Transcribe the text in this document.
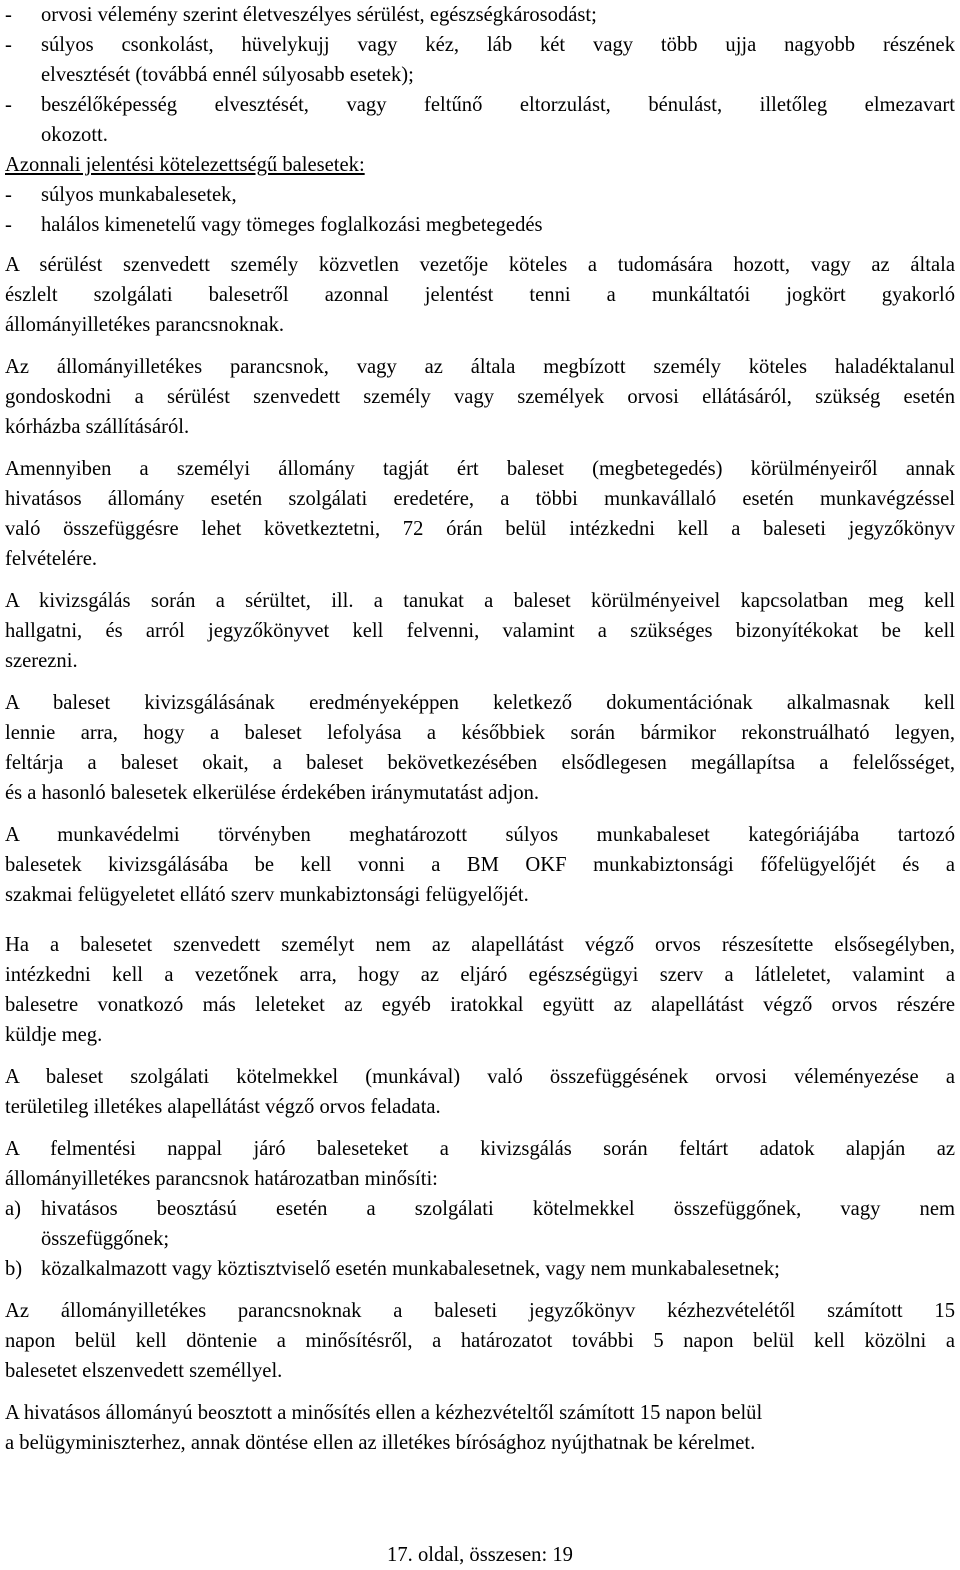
-	orvosi vélemény szerint életveszélyes sérülést, egészségkárosodást;
-	súlyos csonkolást, hüvelykujj vagy kéz, láb két vagy több ujja nagyobb részének
elvesztését (továbbá ennél súlyosabb esetek);
-	beszélőképesség elvesztését, vagy feltűnő eltorzulást, bénulást, illetőleg elmezavart
okozott.
Azonnali jelentési kötelezettségű balesetek:
-	súlyos munkabalesetek,
-	halálos kimenetelű vagy tömeges foglalkozási megbetegedés
A sérülést szenvedett személy közvetlen vezetője köteles a tudomására hozott, vagy az általa
észlelt szolgálati balesetről azonnal jelentést tenni a munkáltatói jogkört gyakorló
állományilletékes parancsnoknak.
Az állományilletékes parancsnok, vagy az általa megbízott személy köteles haladéktalanul
gondoskodni a sérülést szenvedett személy vagy személyek orvosi ellátásáról, szükség esetén
kórházba szállításáról.
Amennyiben a személyi állomány tagját ért baleset (megbetegedés) körülményeiről annak
hivatásos állomány esetén szolgálati eredetére, a többi munkavállaló esetén munkavégzéssel
való összefüggésre lehet következtetni, 72 órán belül intézkedni kell a baleseti jegyzőkönyv
felvételére.
A kivizsgálás során a sérültet, ill. a tanukat a baleset körülményeivel kapcsolatban meg kell
hallgatni, és arról jegyzőkönyvet kell felvenni, valamint a szükséges bizonyítékokat be kell
szerezni.
A baleset kivizsgálásának eredményeképpen keletkező dokumentációnak alkalmasnak kell
lennie arra, hogy a baleset lefolyása a későbbiek során bármikor rekonstruálható legyen,
feltárja a baleset okait, a baleset bekövetkezésében elsődlegesen megállapítsa a felelősséget,
és a hasonló balesetek elkerülése érdekében iránymutatást adjon.
A munkavédelmi törvényben meghatározott súlyos munkabaleset kategóriájába tartozó
balesetek kivizsgálásába be kell vonni a BM OKF munkabiztonsági főfelügyelőjét és a
szakmai felügyeletet ellátó szerv munkabiztonsági felügyelőjét.
Ha a balesetet szenvedett személyt nem az alapellátást végző orvos részesítette elsősegélyben,
intézkedni kell a vezetőnek arra, hogy az eljáró egészségügyi szerv a látleletet, valamint a
balesetre vonatkozó más leleteket az egyéb iratokkal együtt az alapellátást végző orvos részére
küldje meg.
A baleset szolgálati kötelmekkel (munkával) való összefüggésének orvosi véleményezése a
területileg illetékes alapellátást végző orvos feladata.
A felmentési nappal járó baleseteket a kivizsgálás során feltárt adatok alapján az
állományilletékes parancsnok határozatban minősíti:
a) hivatásos beosztású esetén a szolgálati kötelmekkel összefüggőnek, vagy nem
összefüggőnek;
b) közalkalmazott vagy köztisztviselő esetén munkabalesetnek, vagy nem munkabalesetnek;
Az állományilletékes parancsnoknak a baleseti jegyzőkönyv kézhezvételétől számított 15
napon belül kell döntenie a minősítésről, a határozatot további 5 napon belül kell közölni a
balesetet elszenvedett személlyel.
A hivatásos állományú beosztott a minősítés ellen a kézhezvételtől számított 15 napon belül
a belügyminiszterhez, annak döntése ellen az illetékes bírósághoz nyújthatnak be kérelmet.
17. oldal, összesen: 19
